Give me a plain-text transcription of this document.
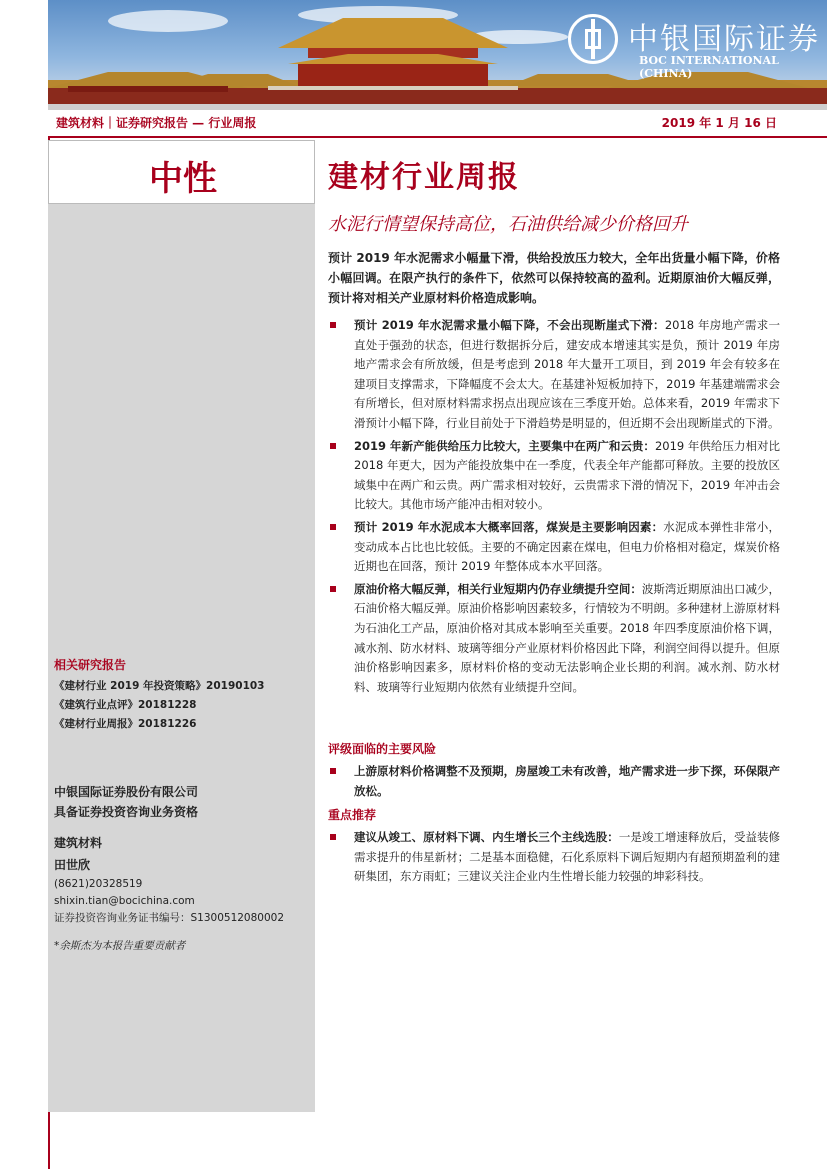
中银国际证券
BOC INTERNATIONAL (CHINA)
建筑材料｜证券研究报告 — 行业周报	2019 年 1 月 16 日
中性
相关研究报告
《建材行业 2019 年投资策略》20190103
《建筑行业点评》20181228
《建材行业周报》20181226
中银国际证券股份有限公司
具备证券投资咨询业务资格
建筑材料
田世欣
(8621)20328519
shixin.tian@bocichina.com
证券投资咨询业务证书编号：S1300512080002
*余斯杰为本报告重要贡献者
建材行业周报
水泥行情望保持高位，石油供给减少价格回升
预计 2019 年水泥需求小幅量下滑，供给投放压力较大，全年出货量小幅下降，价格小幅回调。在限产执行的条件下，依然可以保持较高的盈利。近期原油价大幅反弹，预计将对相关产业原材料价格造成影响。
预计 2019 年水泥需求量小幅下降，不会出现断崖式下滑：2018 年房地产需求一直处于强劲的状态，但进行数据拆分后，建安成本增速其实是负，预计 2019 年房地产需求会有所放缓，但是考虑到 2018 年大量开工项目，到 2019 年会有较多在建项目支撑需求，下降幅度不会太大。在基建补短板加持下，2019 年基建端需求会有所增长，但对原材料需求拐点出现应该在三季度开始。总体来看，2019 年需求下滑预计小幅下降，行业目前处于下滑趋势是明显的，但近期不会出现断崖式的下滑。
2019 年新产能供给压力比较大，主要集中在两广和云贵：2019 年供给压力相对比 2018 年更大，因为产能投放集中在一季度，代表全年产能都可释放。主要的投放区域集中在两广和云贵。两广需求相对较好，云贵需求下滑的情况下，2019 年冲击会比较大。其他市场产能冲击相对较小。
预计 2019 年水泥成本大概率回落，煤炭是主要影响因素：水泥成本弹性非常小，变动成本占比也比较低。主要的不确定因素在煤电，但电力价格相对稳定，煤炭价格近期也在回落，预计 2019 年整体成本水平回落。
原油价格大幅反弹，相关行业短期内仍存业绩提升空间：波斯湾近期原油出口减少，石油价格大幅反弹。原油价格影响因素较多，行情较为不明朗。多种建材上游原材料为石油化工产品，原油价格对其成本影响至关重要。2018 年四季度原油价格下调，减水剂、防水材料、玻璃等细分产业原材料价格因此下降，利润空间得以提升。但原油价格影响因素多，原材料价格的变动无法影响企业长期的利润。减水剂、防水材料、玻璃等行业短期内依然有业绩提升空间。
评级面临的主要风险
上游原材料价格调整不及预期，房屋竣工未有改善，地产需求进一步下探，环保限产放松。
重点推荐
建议从竣工、原材料下调、内生增长三个主线选股：一是竣工增速释放后，受益装修需求提升的伟星新材；二是基本面稳健，石化系原料下调后短期内有超预期盈利的建研集团，东方雨虹；三建议关注企业内生性增长能力较强的坤彩科技。
